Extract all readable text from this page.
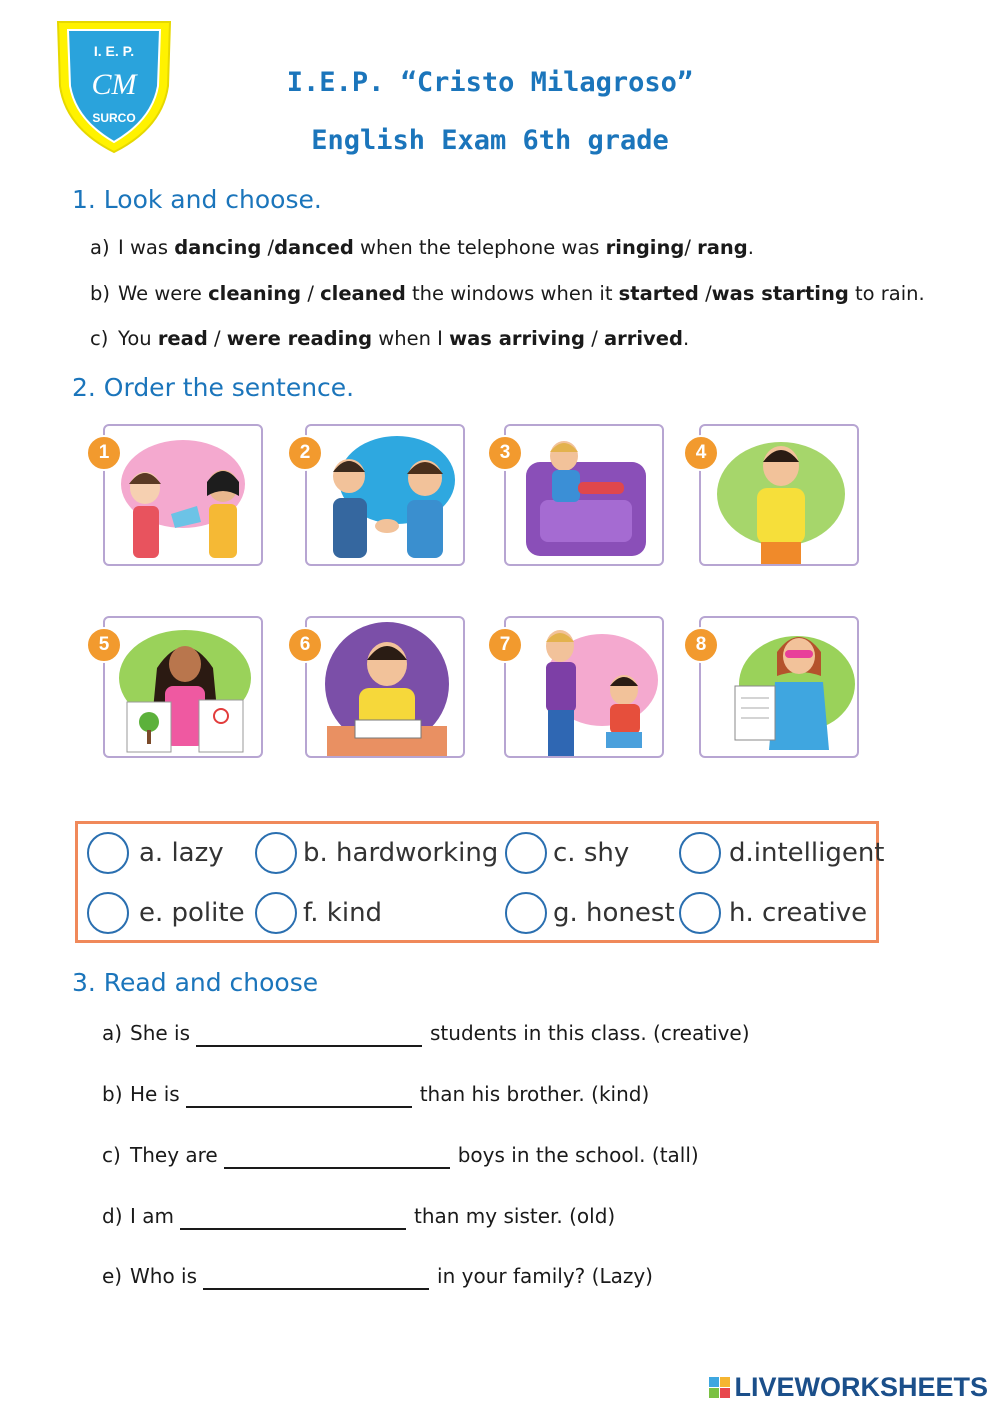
I. E. P.
CM
SURCO
I.E.P. “Cristo Milagroso”
English Exam 6th grade
1. Look and choose.
a) I was dancing /danced when the telephone was ringing/ rang.
b) We were cleaning / cleaned the windows when it started /was starting to rain.
c) You read / were reading when I was arriving / arrived.
2. Order the sentence.
1	2	3	4
5	6	7	8
a. lazy	b. hardworking c. shy	d.intelligent
e. polite f. kind	g. honest h. creative
3. Read and choose
a) She is	students in this class. (creative)
b) He is	than his brother. (kind)
c) They are	boys in the school. (tall)
d) I am	than my sister. (old)
e) Who is	in your family? (Lazy)
LIVEWORKSHEETS
